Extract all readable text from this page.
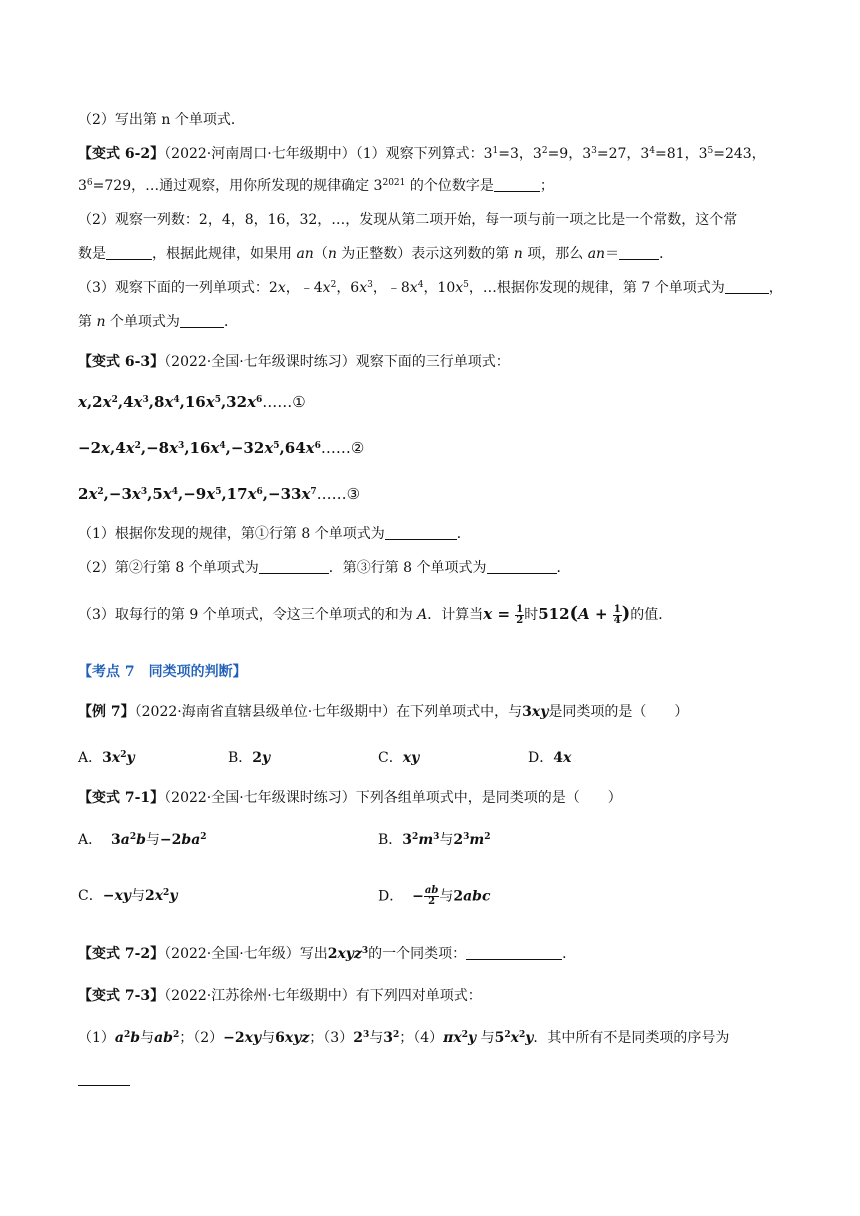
（2）写出第 n 个单项式．
【变式 6-2】（2022·河南周口·七年级期中）（1）观察下列算式：$3^1=3$，$3^2=9$，$3^3=27$，$3^4=81$，$3^5=243$，
$3^6=729$，…通过观察，用你所发现的规律确定 $3^{2021}$ 的个位数字是	；
（2）观察一列数：2，4，8，16，32，…，发现从第二项开始，每一项与前一项之比是一个常数，这个常
数是	，根据此规律，如果用 an（n 为正整数）表示这列数的第 n 项，那么 an＝	．
（3）观察下面的一列单项式：2x，$﹣4x^2$，$6x^3$，$﹣8x^4$，$10x^5$，…根据你发现的规律，第 7 个单项式为	，
第 n 个单项式为	．
【变式 6-3】（2022·全国·七年级课时练习）观察下面的三行单项式：
$x,2x^2,4x^3,8x^4,16x^5,32x^6\dots\dots ①$
$-2x,4x^2,-8x^3,16x^4,-32x^5,64x^6\dots\dots ②$
$2x^2,-3x^3,5x^4,-9x^5,17x^6,-33x^7\dots\dots ③$
（1）根据你发现的规律，第①行第 8 个单项式为	．
（2）第②行第 8 个单项式为	．第③行第 8 个单项式为	．
（3）取每行的第 9 个单项式，令这三个单项式的和为 A．计算当$x = \frac{1}{2}$ 时$512(A + \frac{1}{4}$ )的值．
【考点 7　同类项的判断】
【例 7】（2022·海南省直辖县级单位·七年级期中）在下列单项式中，与3xy是同类项的是（　　）
A．$3x^2y$	B．2y	C．xy	D．4x
【变式 7-1】（2022·全国·七年级课时练习）下列各组单项式中，是同类项的是（　　）
A． $3a^2b$与$-2ba^2$	B．$3^2m^3$与$2^3m^2$
C．−xy与$2x^2y$	D． − $\frac{ab}{2}$ 与2abc
【变式 7-2】（2022·全国·七年级）写出2xyz$^3$的一个同类项：	．
【变式 7-3】（2022·江苏徐州·七年级期中）有下列四对单项式：
$(1)a^2b$与$ab^2$；（2）−2xy与6xyz；$(3)2^3$与$3^2$；$(4)\pi x^2y$ 与$5^2x^2y$．其中所有不是同类项的序号为
